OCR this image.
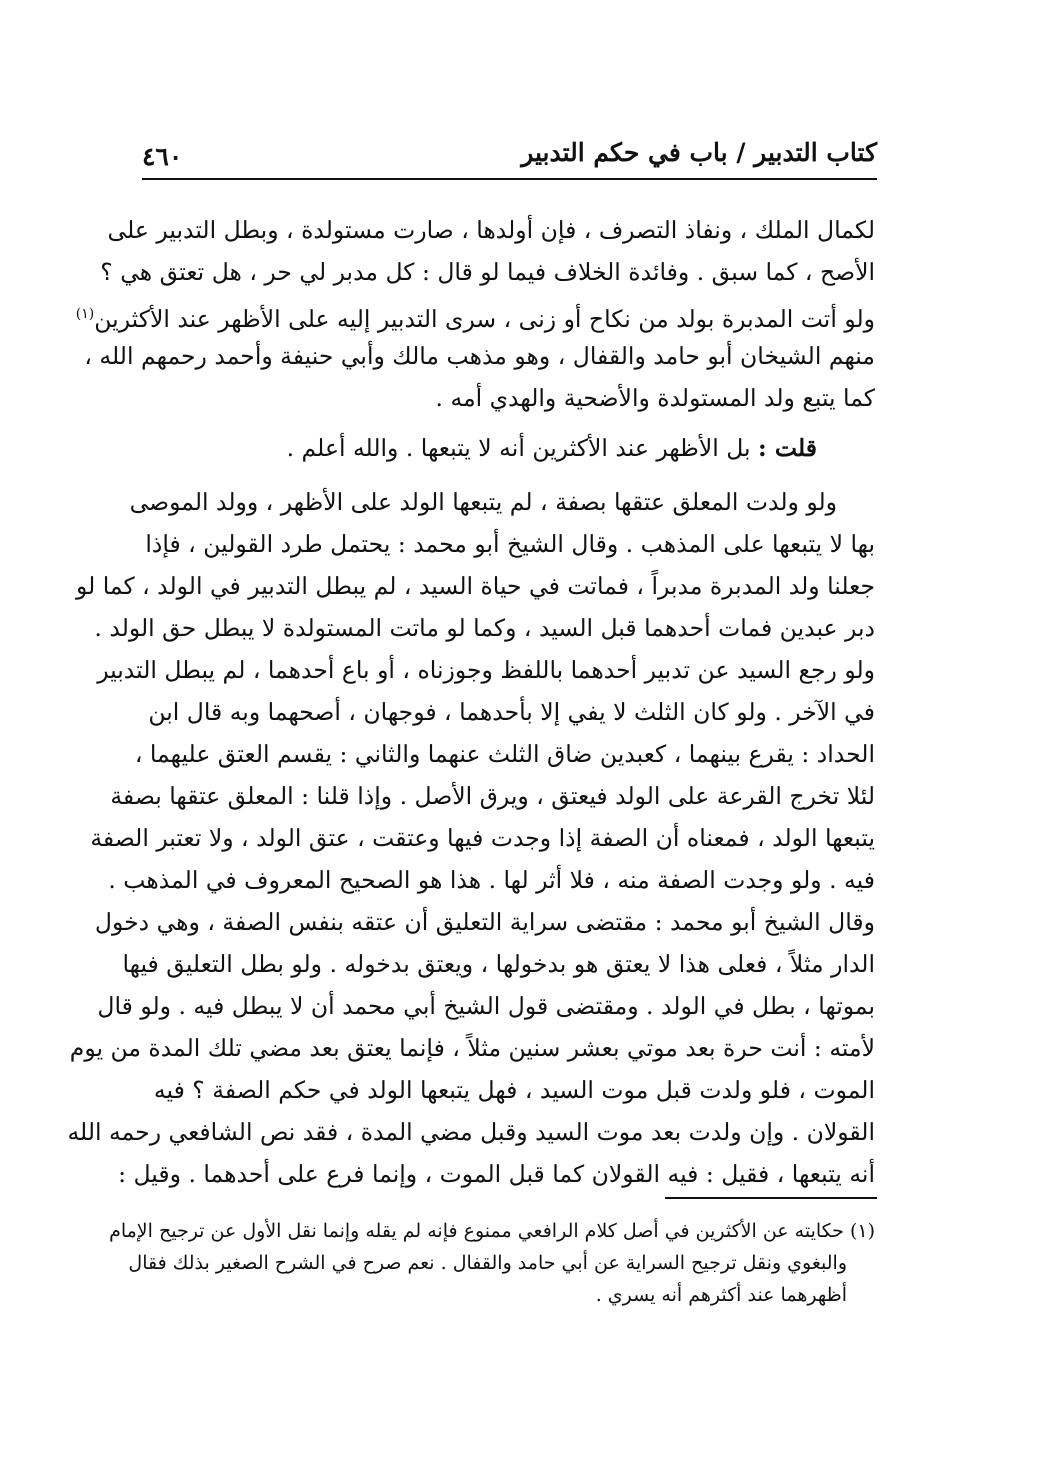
كتاب التدبير / باب في حكم التدبير
٤٦٠
لكمال الملك ، ونفاذ التصرف ، فإن أولدها ، صارت مستولدة ، وبطل التدبير على
الأصح ، كما سبق . وفائدة الخلاف فيما لو قال : كل مدبر لي حر ، هل تعتق هي ؟
ولو أتت المدبرة بولد من نكاح أو زنى ، سرى التدبير إليه على الأظهر عند الأكثرين$^{(١)}$
منهم الشيخان أبو حامد والقفال ، وهو مذهب مالك وأبي حنيفة وأحمد رحمهم الله ،
كما يتبع ولد المستولدة والأضحية والهدي أمه .
قلت : بل الأظهر عند الأكثرين أنه لا يتبعها . والله أعلم .
ولو ولدت المعلق عتقها بصفة ، لم يتبعها الولد على الأظهر ، وولد الموصى
بها لا يتبعها على المذهب . وقال الشيخ أبو محمد : يحتمل طرد القولين ، فإذا
جعلنا ولد المدبرة مدبراً ، فماتت في حياة السيد ، لم يبطل التدبير في الولد ، كما لو
دبر عبدين فمات أحدهما قبل السيد ، وكما لو ماتت المستولدة لا يبطل حق الولد .
ولو رجع السيد عن تدبير أحدهما باللفظ وجوزناه ، أو باع أحدهما ، لم يبطل التدبير
في الآخر . ولو كان الثلث لا يفي إلا بأحدهما ، فوجهان ، أصحهما وبه قال ابن
الحداد : يقرع بينهما ، كعبدين ضاق الثلث عنهما والثاني : يقسم العتق عليهما ،
لئلا تخرج القرعة على الولد فيعتق ، ويرق الأصل . وإذا قلنا : المعلق عتقها بصفة
يتبعها الولد ، فمعناه أن الصفة إذا وجدت فيها وعتقت ، عتق الولد ، ولا تعتبر الصفة
فيه . ولو وجدت الصفة منه ، فلا أثر لها . هذا هو الصحيح المعروف في المذهب .
وقال الشيخ أبو محمد : مقتضى سراية التعليق أن عتقه بنفس الصفة ، وهي دخول
الدار مثلاً ، فعلى هذا لا يعتق هو بدخولها ، ويعتق بدخوله . ولو بطل التعليق فيها
بموتها ، بطل في الولد . ومقتضى قول الشيخ أبي محمد أن لا يبطل فيه . ولو قال
لأمته : أنت حرة بعد موتي بعشر سنين مثلاً ، فإنما يعتق بعد مضي تلك المدة من يوم
الموت ، فلو ولدت قبل موت السيد ، فهل يتبعها الولد في حكم الصفة ؟ فيه
القولان . وإن ولدت بعد موت السيد وقبل مضي المدة ، فقد نص الشافعي رحمه الله
أنه يتبعها ، فقيل : فيه القولان كما قبل الموت ، وإنما فرع على أحدهما . وقيل :
(١) حكايته عن الأكثرين في أصل كلام الرافعي ممنوع فإنه لم يقله وإنما نقل الأول عن ترجيح الإمام
والبغوي ونقل ترجيح السراية عن أبي حامد والقفال . نعم صرح في الشرح الصغير بذلك فقال
أظهرهما عند أكثرهم أنه يسري .
